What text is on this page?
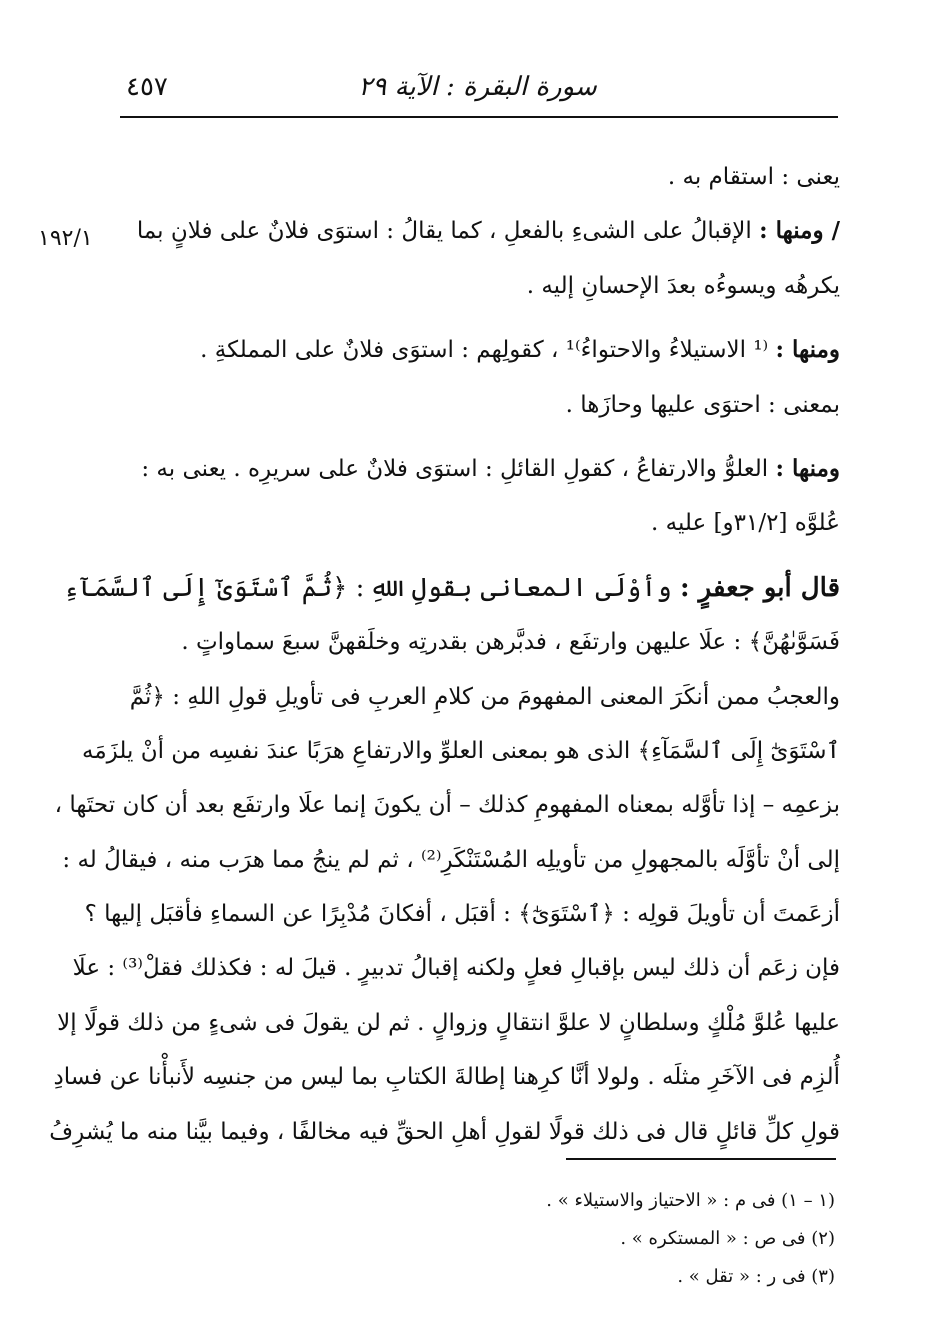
٤٥٧	سورة البقرة : الآية ٢٩
١٩٢/١
يعنى : استقام به .
/ ومنها : الإقبالُ على الشىءِ بالفعلِ ، كما يقالُ : استوَى فلانٌ على فلانٍ بما
يكرهُه ويسوءُه بعدَ الإحسانِ إليه .
ومنها : ⁽¹ الاستيلاءُ والاحتواءُ⁾¹ ، كقولِهم : استوَى فلانٌ على المملكةِ .
بمعنى : احتوَى عليها وحازَها .
ومنها : العلوُّ والارتفاعُ ، كقولِ القائلِ : استوَى فلانٌ على سريرِه . يعنى به :
عُلوَّه [٣١/٢و] عليه .
قال أبو جعفرٍ : وأوْلَى المعانى بقولِ اللهِ : ﴿ثُمَّ ٱسْتَوَىٰٓ إِلَى ٱلسَّمَآءِ
فَسَوَّىٰهُنَّ﴾ : علَا عليهن وارتفَع ، فدبَّرهن بقدرتِه وخلَقهنَّ سبعَ سماواتٍ .
والعجبُ ممن أنكَرَ المعنى المفهومَ من كلامِ العربِ فى تأويلِ قولِ اللهِ : ﴿ثُمَّ
ٱسْتَوَىٰٓ إِلَى ٱلسَّمَآءِ﴾ الذى هو بمعنى العلوِّ والارتفاعِ هرَبًا عندَ نفسِه من أنْ يلزَمَه
بزعمِه – إذا تأوَّله بمعناه المفهومِ كذلك – أن يكونَ إنما علَا وارتفَع بعد أن كان تحتَها ،
إلى أنْ تأوَّلَه بالمجهولِ من تأويلِه المُسْتَنْكَرِ⁽²⁾ ، ثم لم ينجُ مما هرَب منه ، فيقالُ له :
أزعَمتَ أن تأويلَ قولِه : ﴿ٱسْتَوَىٰٓ﴾ : أقبَل ، أفكانَ مُدْبِرًا عن السماءِ فأقبَل إليها ؟
فإن زعَم أن ذلك ليس بإقبالِ فعلٍ ولكنه إقبالُ تدبيرٍ . قيلَ له : فكذلك فقلْ⁽³⁾ : علَا
عليها عُلوَّ مُلْكٍ وسلطانٍ لا علوَّ انتقالٍ وزوالٍ . ثم لن يقولَ فى شىءٍ من ذلك قولًا إلا
أُلزِم فى الآخَرِ مثلَه . ولولا أنَّا كرِهنا إطالةَ الكتابِ بما ليس من جنسِه لأَنبأْنا عن فسادِ
قولِ كلِّ قائلٍ قال فى ذلك قولًا لقولِ أهلِ الحقِّ فيه مخالفًا ، وفيما بيَّنا منه ما يُشرِفُ
(١ – ١) فى م : « الاحتياز والاستيلاء » .
(٢) فى ص : « المستكره » .
(٣) فى ر : « تقل » .
